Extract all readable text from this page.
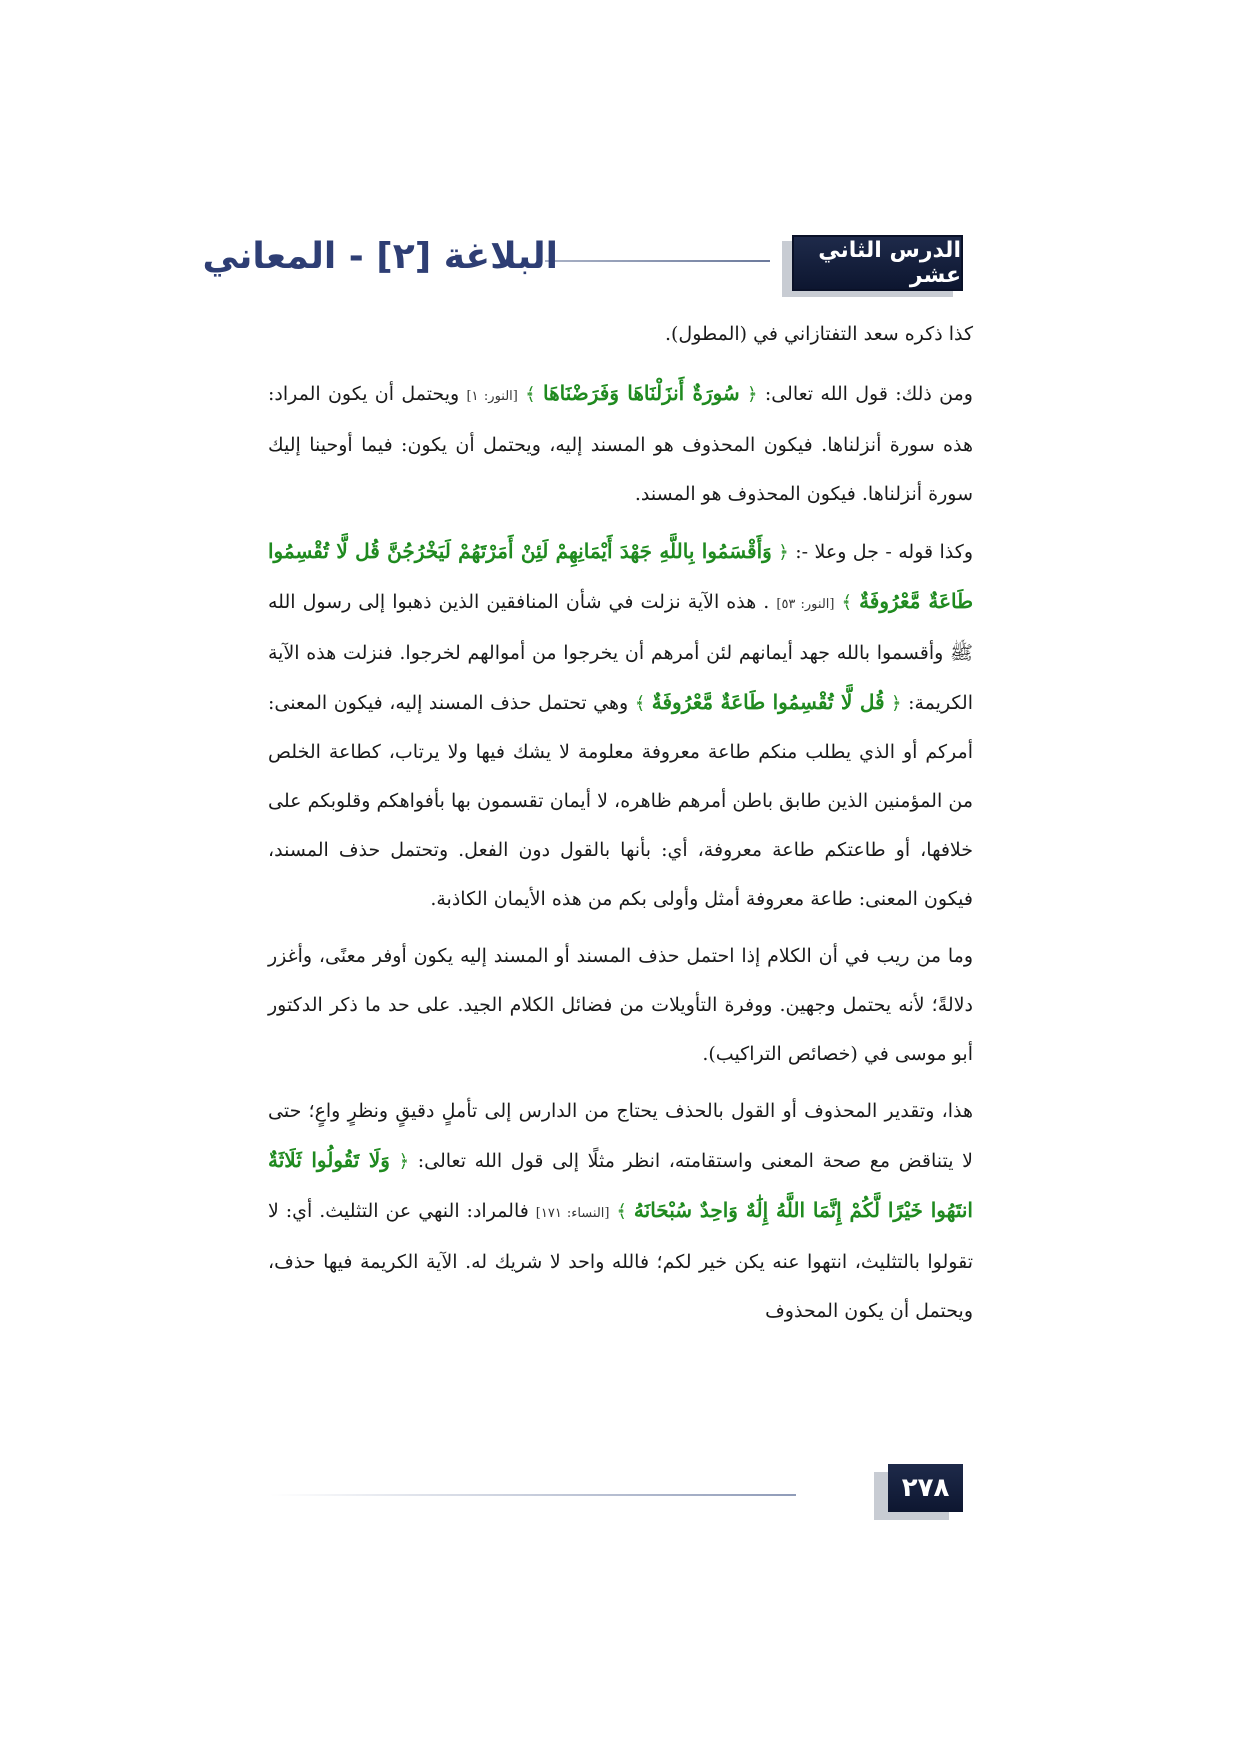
الدرس الثاني عشر
البلاغة [٢] - المعاني

كذا ذكره سعد التفتازاني في (المطول).

ومن ذلك: قول الله تعالى: ﴿ سُورَةٌ أَنزَلْنَاهَا وَفَرَضْنَاهَا ﴾ [النور: ١] ويحتمل أن يكون المراد: هذه سورة أنزلناها. فيكون المحذوف هو المسند إليه، ويحتمل أن يكون: فيما أوحينا إليك سورة أنزلناها. فيكون المحذوف هو المسند.

وكذا قوله - جل وعلا -: ﴿ وَأَقْسَمُوا بِاللَّهِ جَهْدَ أَيْمَانِهِمْ لَئِنْ أَمَرْتَهُمْ لَيَخْرُجُنَّ قُل لَّا تُقْسِمُوا طَاعَةٌ مَّعْرُوفَةٌ ﴾ [النور: ٥٣] . هذه الآية نزلت في شأن المنافقين الذين ذهبوا إلى رسول الله ﷺ وأقسموا بالله جهد أيمانهم لئن أمرهم أن يخرجوا من أموالهم لخرجوا. فنزلت هذه الآية الكريمة: ﴿ قُل لَّا تُقْسِمُوا طَاعَةٌ مَّعْرُوفَةٌ ﴾ وهي تحتمل حذف المسند إليه، فيكون المعنى: أمركم أو الذي يطلب منكم طاعة معروفة معلومة لا يشك فيها ولا يرتاب، كطاعة الخلص من المؤمنين الذين طابق باطن أمرهم ظاهره، لا أيمان تقسمون بها بأفواهكم وقلوبكم على خلافها، أو طاعتكم طاعة معروفة، أي: بأنها بالقول دون الفعل. وتحتمل حذف المسند، فيكون المعنى: طاعة معروفة أمثل وأولى بكم من هذه الأيمان الكاذبة.

وما من ريب في أن الكلام إذا احتمل حذف المسند أو المسند إليه يكون أوفر معنًى، وأغزر دلالةً؛ لأنه يحتمل وجهين. ووفرة التأويلات من فضائل الكلام الجيد. على حد ما ذكر الدكتور أبو موسى في (خصائص التراكيب).

هذا، وتقدير المحذوف أو القول بالحذف يحتاج من الدارس إلى تأملٍ دقيقٍ ونظرٍ واعٍ؛ حتى لا يتناقض مع صحة المعنى واستقامته، انظر مثلًا إلى قول الله تعالى: ﴿ وَلَا تَقُولُوا ثَلَاثَةٌ انتَهُوا خَيْرًا لَّكُمْ إِنَّمَا اللَّهُ إِلَٰهٌ وَاحِدٌ سُبْحَانَهُ ﴾ [النساء: ١٧١] فالمراد: النهي عن التثليث. أي: لا تقولوا بالتثليث، انتهوا عنه يكن خير لكم؛ فالله واحد لا شريك له. الآية الكريمة فيها حذف، ويحتمل أن يكون المحذوف

٢٧٨
